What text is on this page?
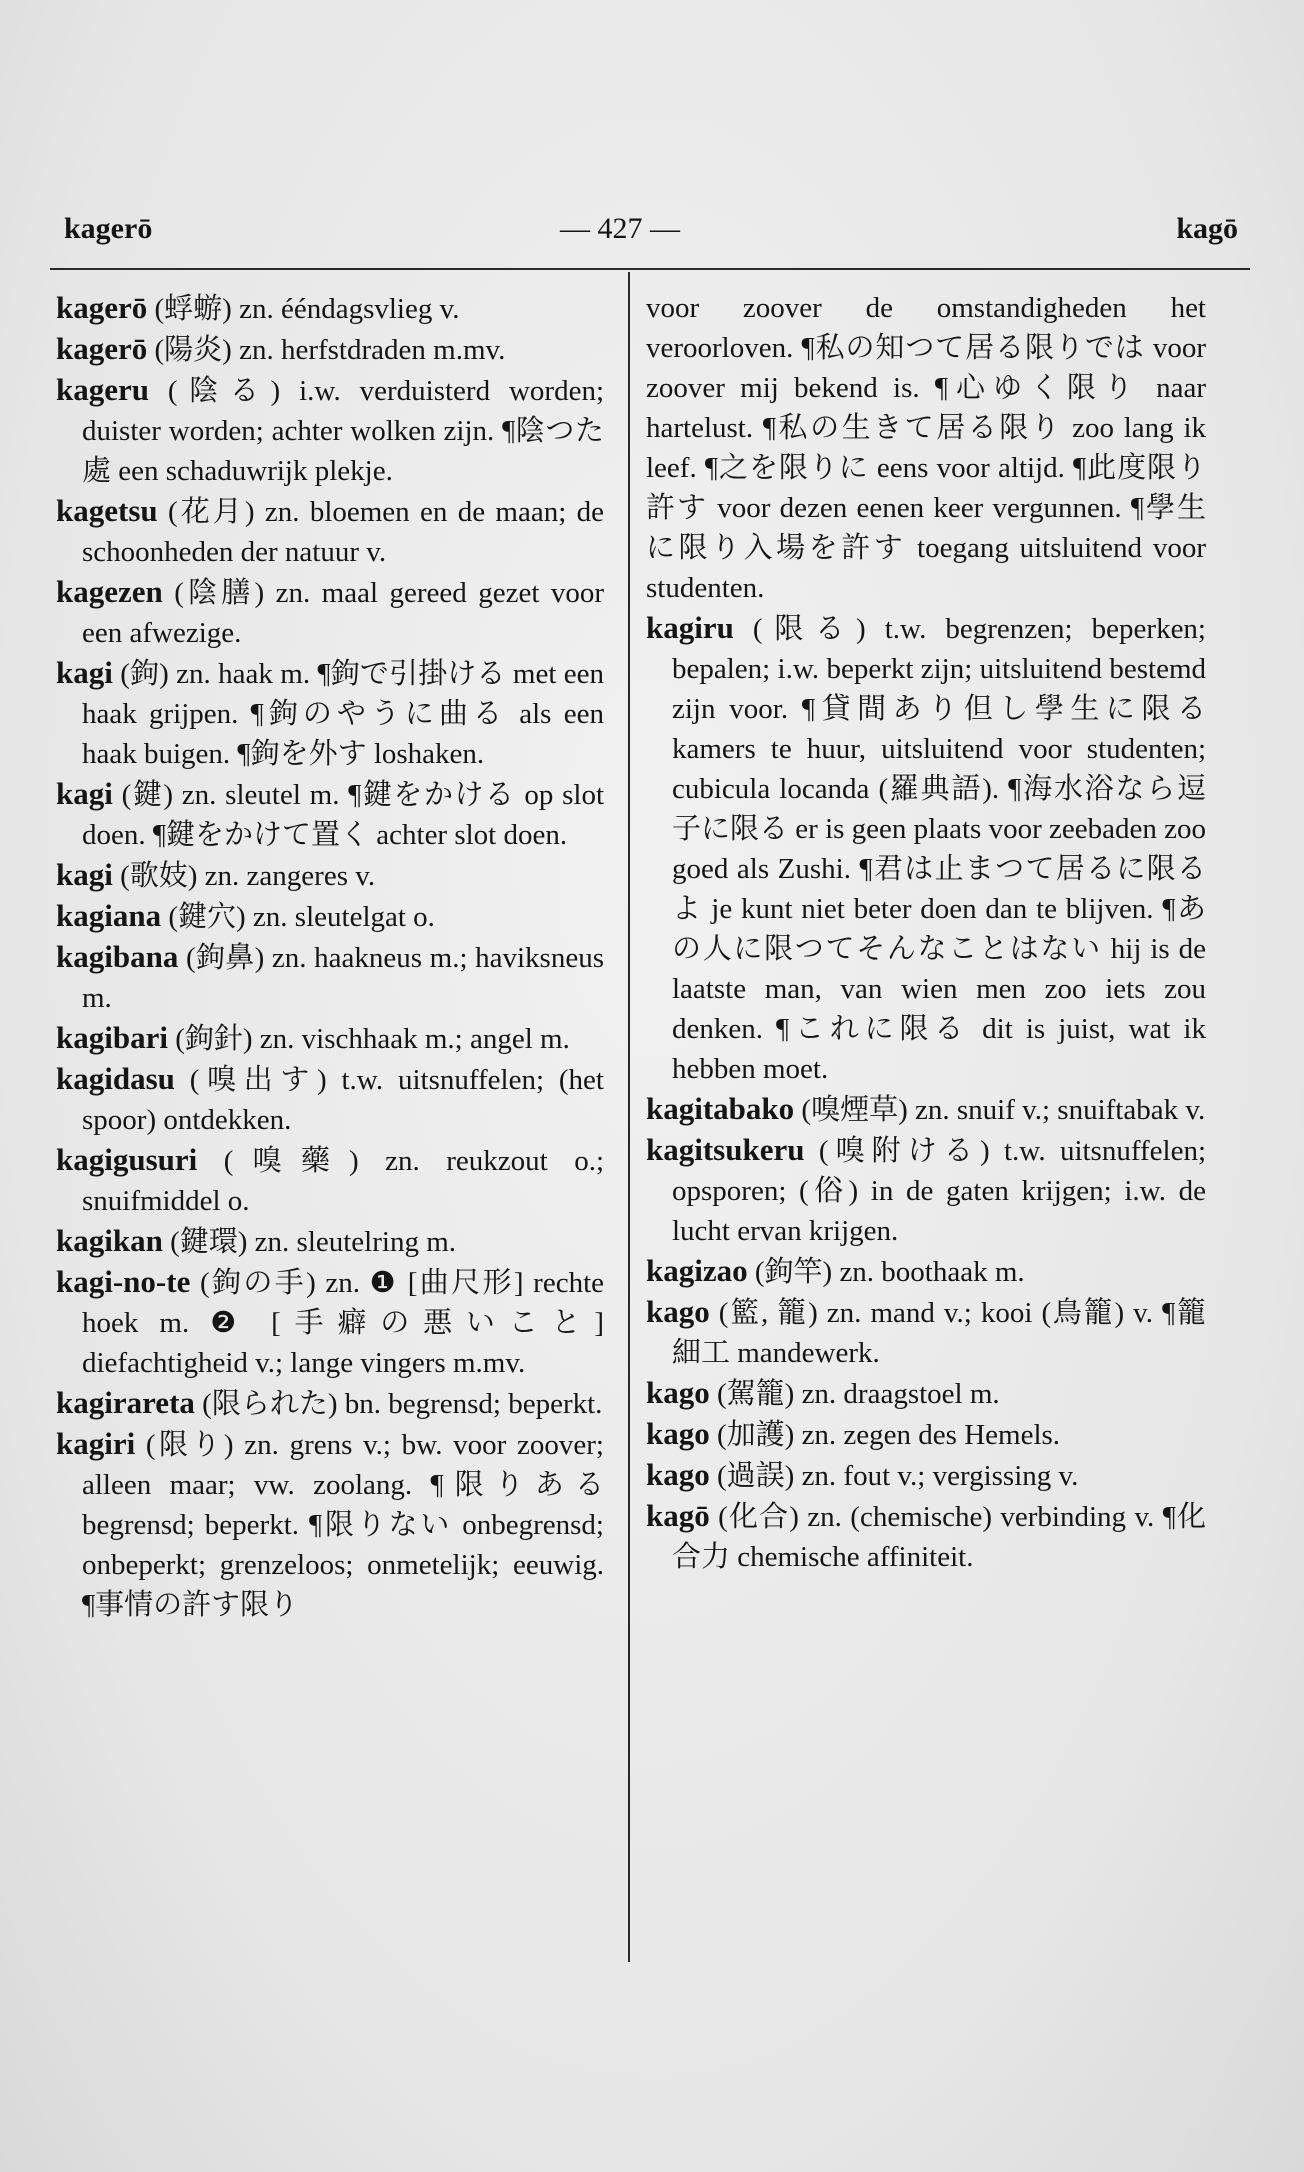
kagerō	— 427 —	kagō

kagerō (蜉蝣) zn. ééndagsvlieg v.

kagerō (陽炎) zn. herfstdraden m.mv.

kageru (陰る) i.w. verduisterd worden; duister worden; achter wolken zijn. ¶陰つた處 een schaduwrijk plekje.

kagetsu (花月) zn. bloemen en de maan; de schoonheden der natuur v.

kagezen (陰膳) zn. maal gereed gezet voor een afwezige.

kagi (鉤) zn. haak m. ¶鉤で引掛ける met een haak grijpen. ¶鉤のやうに曲る als een haak buigen. ¶鉤を外す loshaken.

kagi (鍵) zn. sleutel m. ¶鍵をかける op slot doen. ¶鍵をかけて置く achter slot doen.

kagi (歌妓) zn. zangeres v.

kagiana (鍵穴) zn. sleutelgat o.

kagibana (鉤鼻) zn. haakneus m.; haviksneus m.

kagibari (鉤針) zn. vischhaak m.; angel m.

kagidasu (嗅出す) t.w. uitsnuffelen; (het spoor) ontdekken.

kagigusuri (嗅藥) zn. reukzout o.; snuifmiddel o.

kagikan (鍵環) zn. sleutelring m.

kagi-no-te (鉤の手) zn. ❶ [曲尺形] rechte hoek m. ❷ [手癖の悪いこと] diefachtigheid v.; lange vingers m.mv.

kagirareta (限られた) bn. begrensd; beperkt.

kagiri (限り) zn. grens v.; bw. voor zoover; alleen maar; vw. zoolang. ¶限りある begrensd; beperkt. ¶限りない onbegrensd; onbeperkt; grenzeloos; onmetelijk; eeuwig. ¶事情の許す限り

voor zoover de omstandigheden het veroorloven. ¶私の知つて居る限りでは voor zoover mij bekend is. ¶心ゆく限り naar hartelust. ¶私の生きて居る限り zoo lang ik leef. ¶之を限りに eens voor altijd. ¶此度限り許す voor dezen eenen keer vergunnen. ¶學生に限り入場を許す toegang uitsluitend voor studenten.

kagiru (限る) t.w. begrenzen; beperken; bepalen; i.w. beperkt zijn; uitsluitend bestemd zijn voor. ¶貸間あり但し學生に限る kamers te huur, uitsluitend voor studenten; cubicula locanda (羅典語). ¶海水浴なら逗子に限る er is geen plaats voor zeebaden zoo goed als Zushi. ¶君は止まつて居るに限るよ je kunt niet beter doen dan te blijven. ¶あの人に限つてそんなことはない hij is de laatste man, van wien men zoo iets zou denken. ¶これに限る dit is juist, wat ik hebben moet.

kagitabako (嗅煙草) zn. snuif v.; snuiftabak v.

kagitsukeru (嗅附ける) t.w. uitsnuffelen; opsporen; (俗) in de gaten krijgen; i.w. de lucht ervan krijgen.

kagizao (鉤竿) zn. boothaak m.

kago (籃, 籠) zn. mand v.; kooi (鳥籠) v. ¶籠細工 mandewerk.

kago (駕籠) zn. draagstoel m.

kago (加護) zn. zegen des Hemels.

kago (過誤) zn. fout v.; vergissing v.

kagō (化合) zn. (chemische) verbinding v. ¶化合力 chemische affiniteit.
